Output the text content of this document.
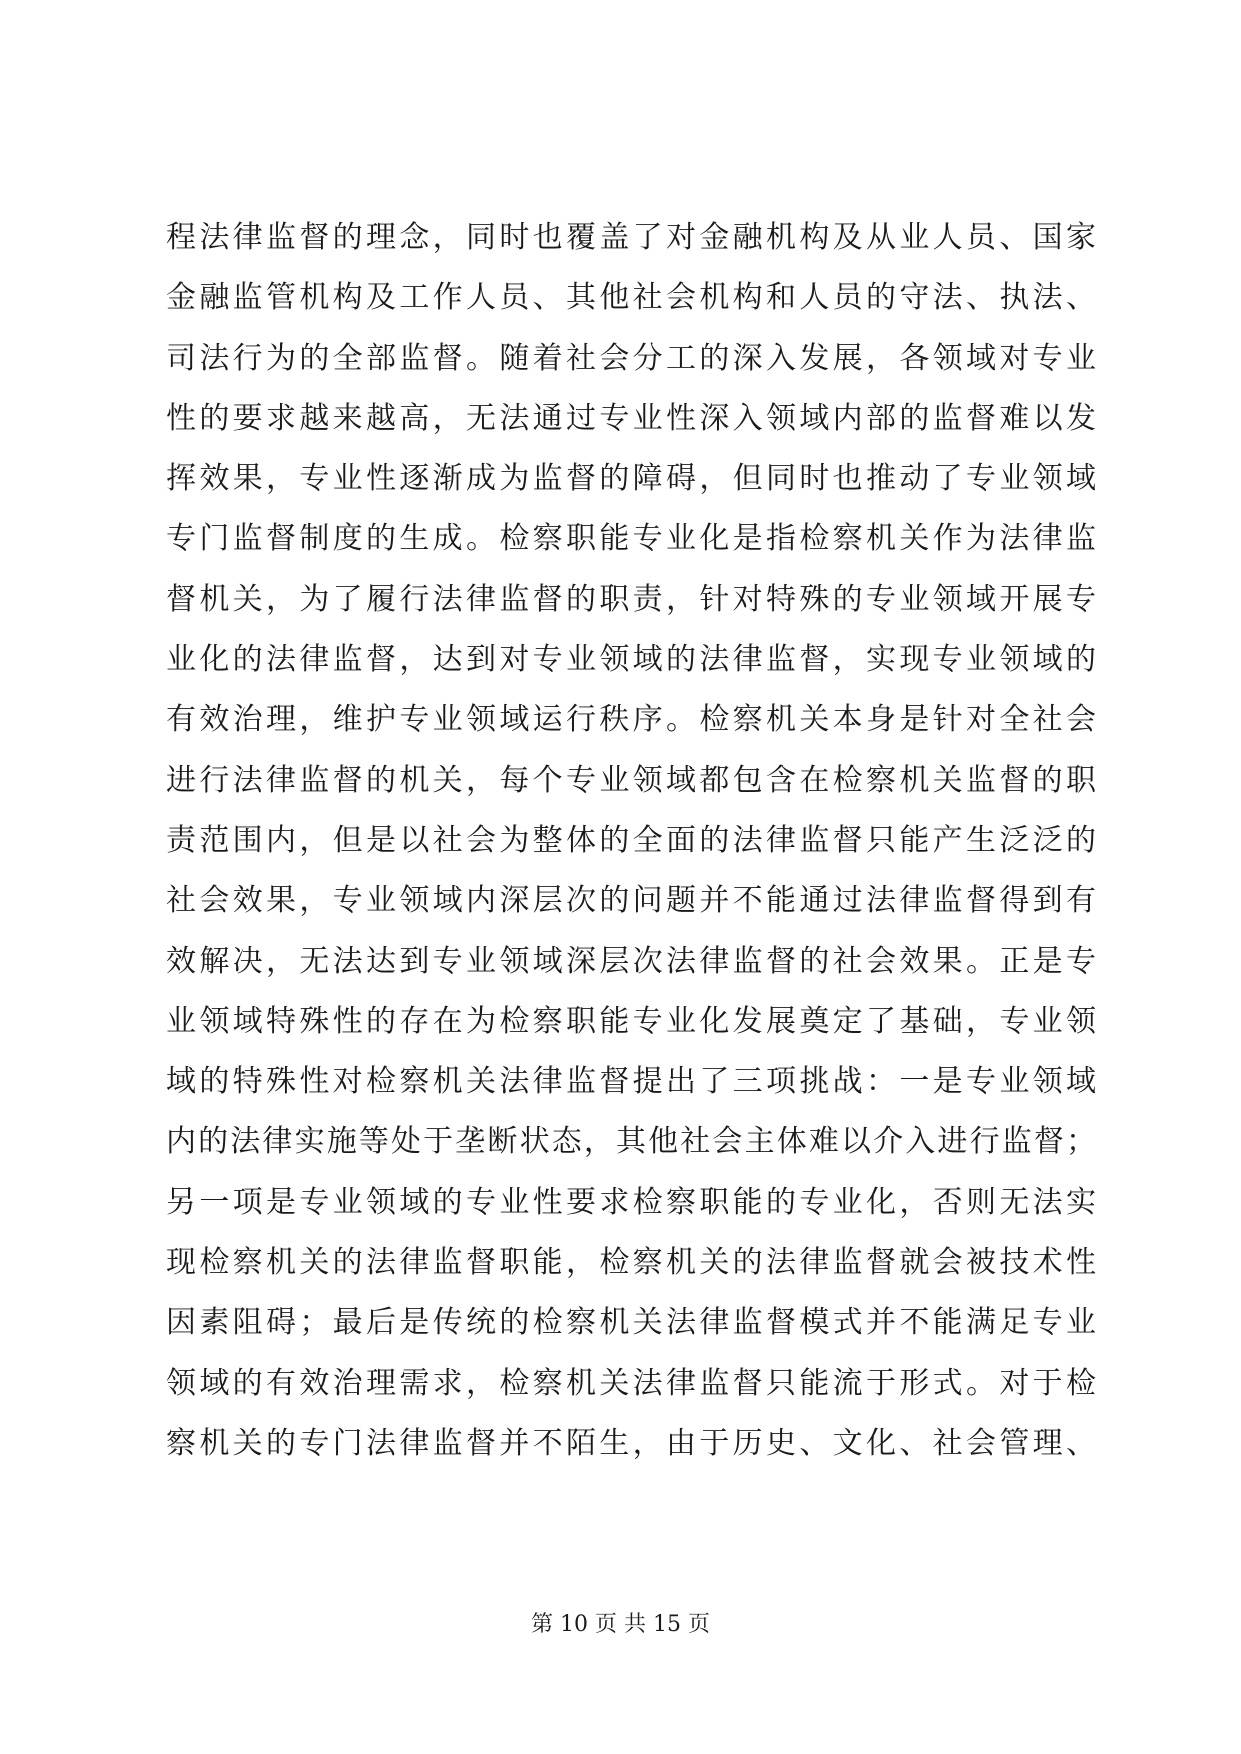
程法律监督的理念，同时也覆盖了对金融机构及从业人员、国家
金融监管机构及工作人员、其他社会机构和人员的守法、执法、
司法行为的全部监督。随着社会分工的深入发展，各领域对专业
性的要求越来越高，无法通过专业性深入领域内部的监督难以发
挥效果，专业性逐渐成为监督的障碍，但同时也推动了专业领域
专门监督制度的生成。检察职能专业化是指检察机关作为法律监
督机关，为了履行法律监督的职责，针对特殊的专业领域开展专
业化的法律监督，达到对专业领域的法律监督，实现专业领域的
有效治理，维护专业领域运行秩序。检察机关本身是针对全社会
进行法律监督的机关，每个专业领域都包含在检察机关监督的职
责范围内，但是以社会为整体的全面的法律监督只能产生泛泛的
社会效果，专业领域内深层次的问题并不能通过法律监督得到有
效解决，无法达到专业领域深层次法律监督的社会效果。正是专
业领域特殊性的存在为检察职能专业化发展奠定了基础，专业领
域的特殊性对检察机关法律监督提出了三项挑战：一是专业领域
内的法律实施等处于垄断状态，其他社会主体难以介入进行监督；
另一项是专业领域的专业性要求检察职能的专业化，否则无法实
现检察机关的法律监督职能，检察机关的法律监督就会被技术性
因素阻碍；最后是传统的检察机关法律监督模式并不能满足专业
领域的有效治理需求，检察机关法律监督只能流于形式。对于检
察机关的专门法律监督并不陌生，由于历史、文化、社会管理、
第 10 页 共 15 页
